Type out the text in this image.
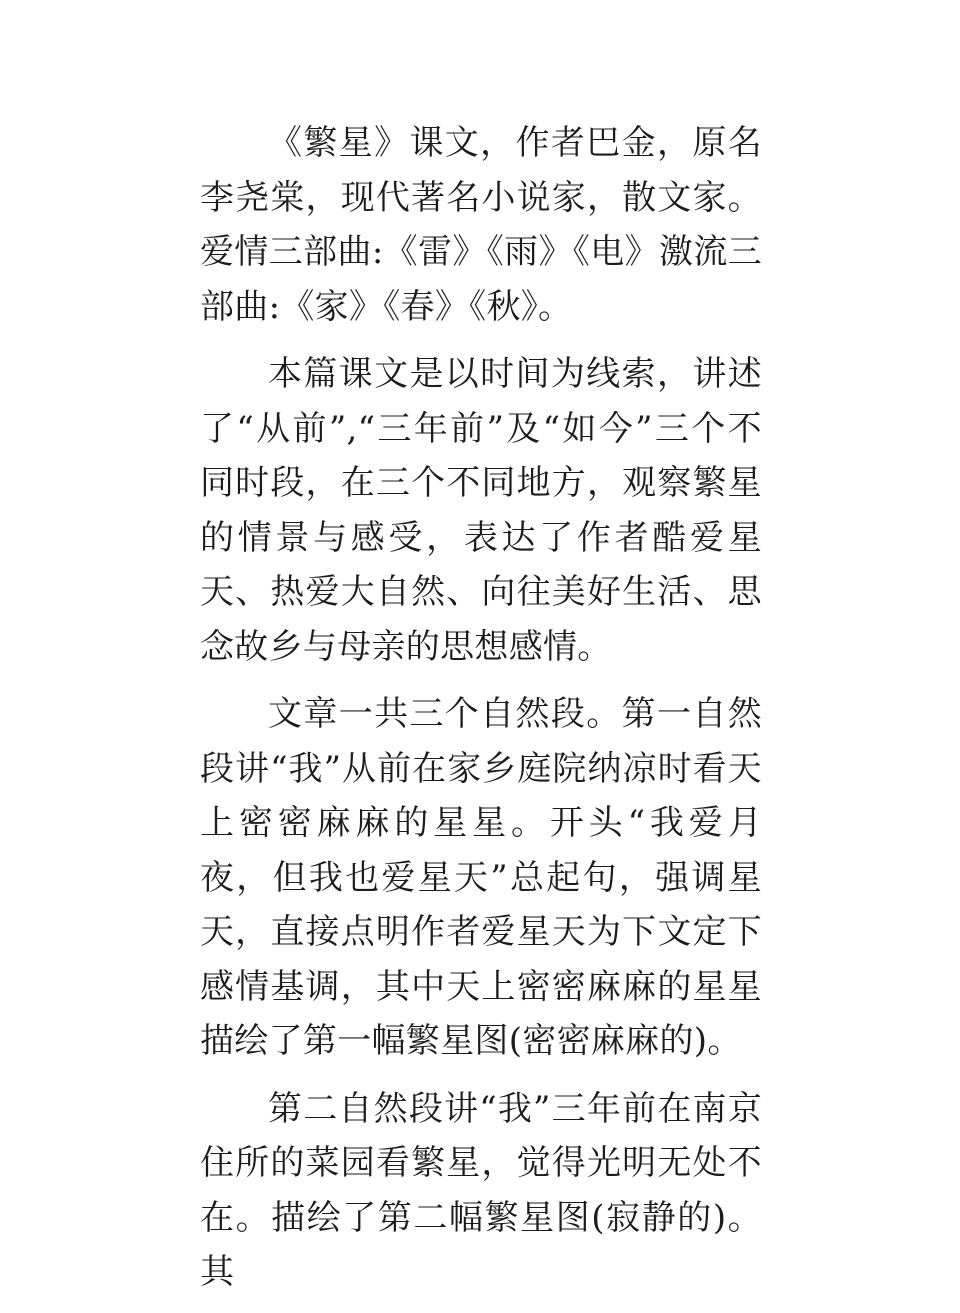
《繁星》课文，作者巴金，原名李尧棠，现代著名小说家，散文家。 爱情三部曲:《雷》《雨》《电》激流三部曲:《家》《春》《秋》。

本篇课文是以时间为线索，讲述了“从前”,“三年前”及“如今”三个不同时段，在三个不同地方，观察繁星的情景与感受，表达了作者酷爱星天、热爱大自然、向往美好生活、思念故乡与母亲的思想感情。

文章一共三个自然段。第一自然段讲“我”从前在家乡庭院纳凉时看天上密密麻麻的星星。开头“我爱月夜，但我也爱星天”总起句，强调星天，直接点明作者爱星天为下文定下感情基调，其中天上密密麻麻的星星描绘了第一幅繁星图(密密麻麻的)。

第二自然段讲“我”三年前在南京住所的菜园看繁星，觉得光明无处不在。描绘了第二幅繁星图(寂静的)。其
